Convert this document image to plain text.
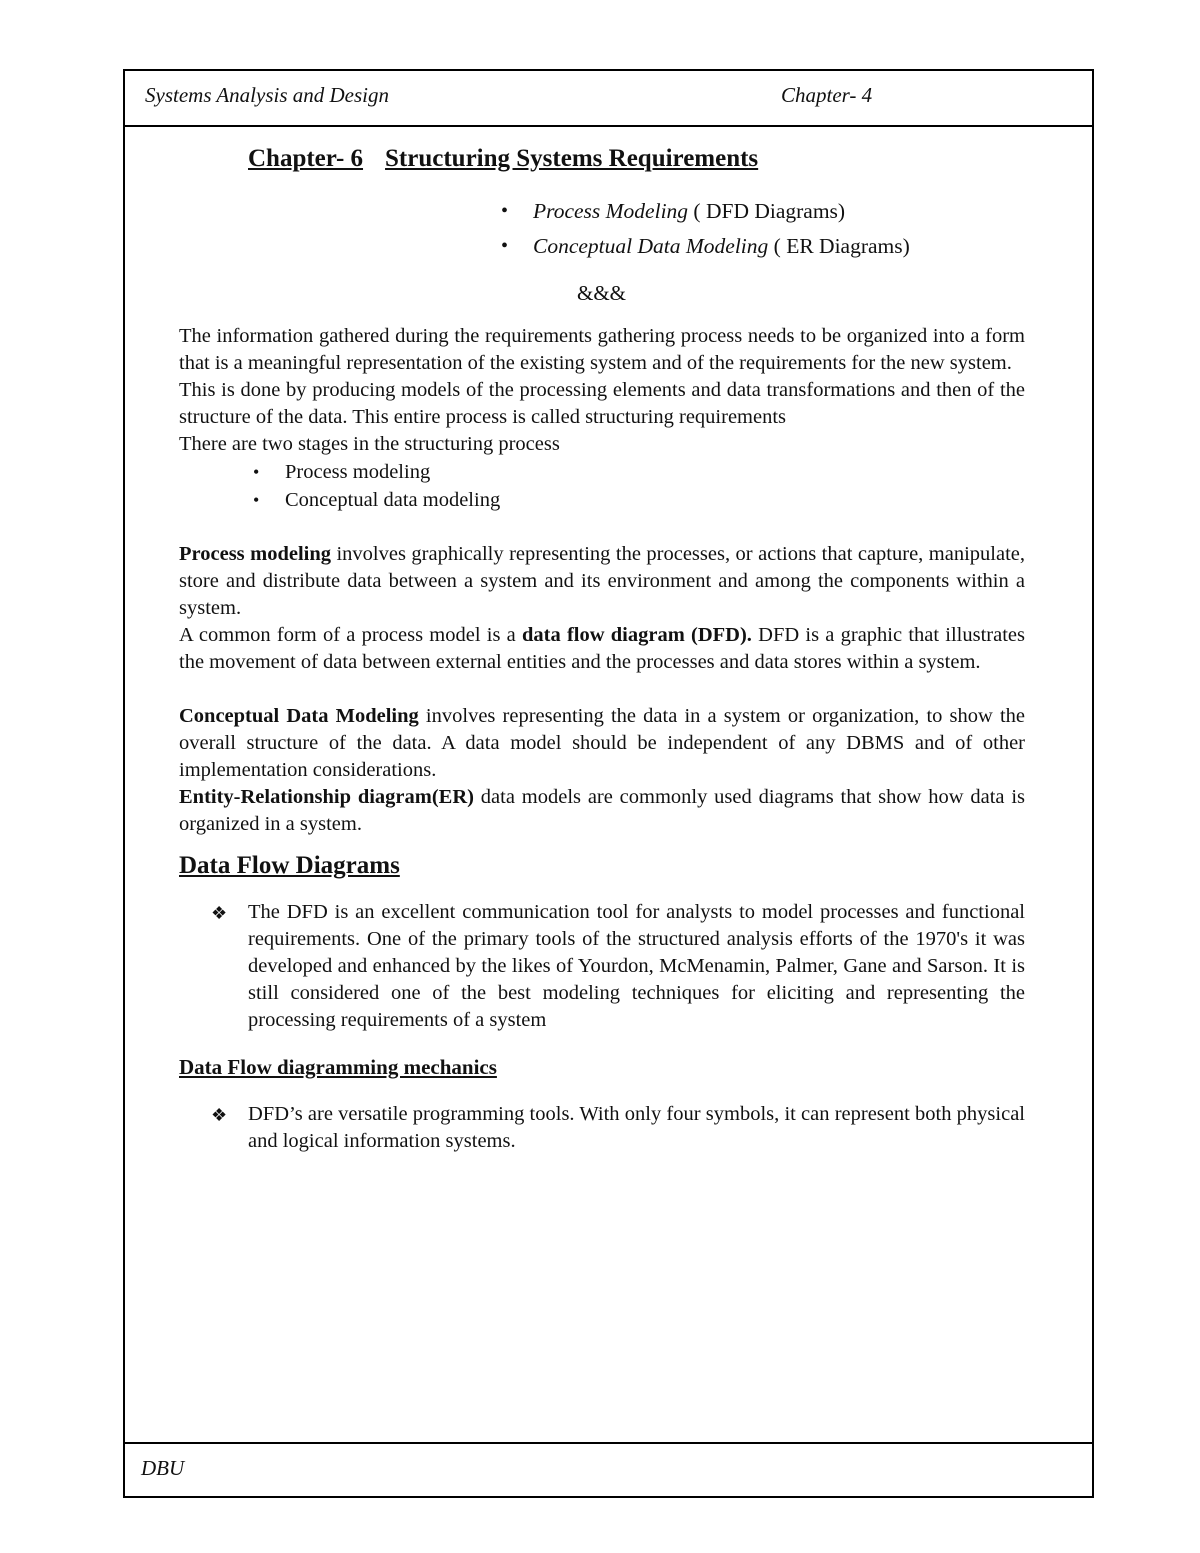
Systems Analysis and Design	Chapter- 4
Chapter- 6 Structuring Systems Requirements
• Process Modeling ( DFD Diagrams)
• Conceptual Data Modeling ( ER Diagrams)
&&&

The information gathered during the requirements gathering process needs to be organized into a form that is a meaningful representation of the existing system and of the requirements for the new system.

This is done by producing models of the processing elements and data transformations and then of the structure of the data. This entire process is called structuring requirements

There are two stages in the structuring process

• Process modeling
• Conceptual data modeling

Process modeling involves graphically representing the processes, or actions that capture, manipulate, store and distribute data between a system and its environment and among the components within a system.

A common form of a process model is a data flow diagram (DFD). DFD is a graphic that illustrates the movement of data between external entities and the processes and data stores within a system.

Conceptual Data Modeling involves representing the data in a system or organization, to show the overall structure of the data. A data model should be independent of any DBMS and of other implementation considerations.

Entity-Relationship diagram(ER) data models are commonly used diagrams that show how data is organized in a system.

Data Flow Diagrams

❖ The DFD is an excellent communication tool for analysts to model processes and functional requirements. One of the primary tools of the structured analysis efforts of the 1970's it was developed and enhanced by the likes of Yourdon, McMenamin, Palmer, Gane and Sarson. It is still considered one of the best modeling techniques for eliciting and representing the processing requirements of a system

Data Flow diagramming mechanics

❖ DFD’s are versatile programming tools. With only four symbols, it can represent both physical and logical information systems.

DBU
